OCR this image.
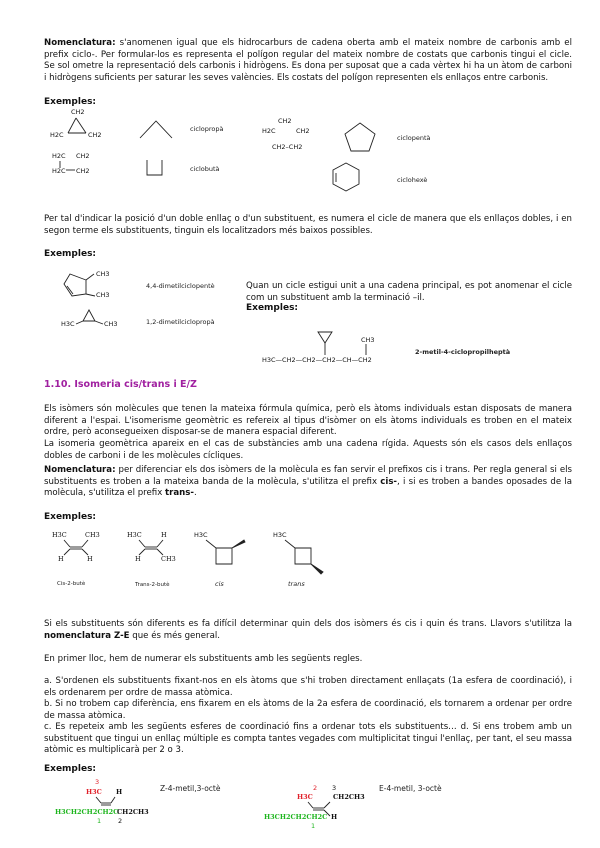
Nomenclatura: s'anomenen igual que els hidrocarburs de cadena oberta amb el mateix nombre de carbonis amb el prefix ciclo-. Per formular-los es representa el polígon regular del mateix nombre de costats que carbonis tingui el cicle. Se sol ometre la representació dels carbonis i hidrògens. Es dona per suposat que a cada vèrtex hi ha un àtom de carboni i hidrògens suficients per saturar les seves valències. Els costats del polígon representen els enllaços entre carbonis.
Exemples:
CH2
H2C	CH2
ciclopropà
CH2
H2C	CH2
CH2–CH2
ciclopentà
H2C CH2
H2C CH2	ciclobutà
ciclohexè
Per tal d'indicar la posició d'un doble enllaç o d'un substituent, es numera el cicle de manera que els enllaços dobles, i en segon terme els substituents, tinguin els localitzadors més baixos possibles.
Exemples:
CH3
CH3
4,4-dimetilciclopentè
H3C	CH3	1,2-dimetilciclopropà
Quan un cicle estigui unit a una cadena principal, es pot anomenar el cicle com un substituent amb la terminació –il.
Exemples:
CH3
H3C—CH2—CH2—CH2—CH—CH2
2-metil-4-ciclopropilheptà
1.10. Isomeria cis/trans i E/Z
Els isòmers són molècules que tenen la mateixa fórmula química, però els àtoms individuals estan disposats de manera diferent a l'espai. L'isomerisme geomètric es refereix al tipus d'isòmer on els àtoms individuals es troben en el mateix ordre, però aconsegueixen disposar-se de manera espacial diferent.
La isomeria geomètrica apareix en el cas de substàncies amb una cadena rígida. Aquests són els casos dels enllaços dobles de carboni i de les molècules cícliques.
Nomenclatura: per diferenciar els dos isòmers de la molècula es fan servir el prefixos cis i trans. Per regla general si els substituents es troben a la mateixa banda de la molècula, s'utilitza el prefix cis-, i si es troben a bandes oposades de la molècula, s'utilitza el prefix trans-.
Exemples:
H3C	CH3
H	H
Cis-2-butè
H3C	H
H	CH3
Trans-2-butè
H3C
cis
H3C
trans
Si els substituents són diferents es fa difícil determinar quin dels dos isòmers és cis i quin és trans. Llavors s'utilitza la nomenclatura Z-E que és més general.
En primer lloc, hem de numerar els substituents amb les següents regles.
a. S'ordenen els substituents fixant-nos en els àtoms que s'hi troben directament enllaçats (1a esfera de coordinació), i els ordenarem per ordre de massa atòmica.
b. Si no trobem cap diferència, ens fixarem en els àtoms de la 2a esfera de coordinació, els tornarem a ordenar per ordre de massa atòmica.
c. Es repeteix amb les següents esferes de coordinació fins a ordenar tots els substituents… d. Si ens trobem amb un substituent que tingui un enllaç múltiple es compta tantes vegades com multiplicitat tingui l'enllaç, per tant, el seu massa atòmic es multiplicarà per 2 o 3.
Exemples:
3
H3C H
H3CH2CH2CH2C
CH2CH3
1	2
Z-4-metil,3-octè	2 3
H3C	CH2CH3
H3CH2CH2CH2C H
1
E-4-metil, 3-octè
